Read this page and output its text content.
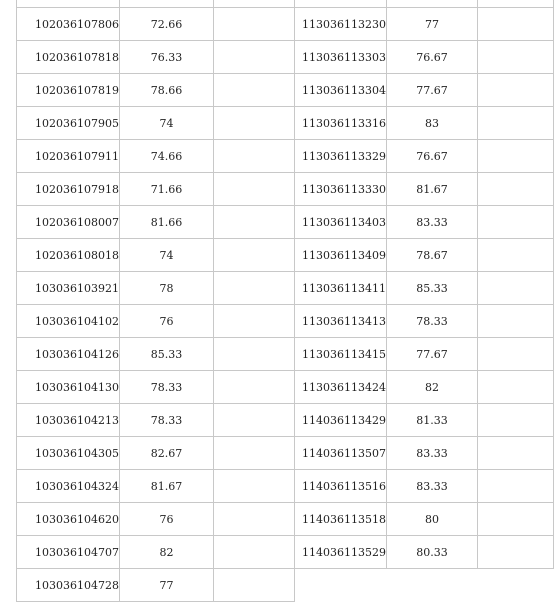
102036107806	72.66	
102036107818	76.33	
102036107819	78.66	
102036107905	74	
102036107911	74.66	
102036107918	71.66	
102036108007	81.66	
102036108018	74	
103036103921	78	
103036104102	76	
103036104126	85.33	
103036104130	78.33	
103036104213	78.33	
103036104305	82.67	
103036104324	81.67	
103036104620	76	
103036104707	82	
103036104728	77	

113036113230	77	
113036113303	76.67	
113036113304	77.67	
113036113316	83	
113036113329	76.67	
113036113330	81.67	
113036113403	83.33	
113036113409	78.67	
113036113411	85.33	
113036113413	78.33	
113036113415	77.67	
113036113424	82	
114036113429	81.33	
114036113507	83.33	
114036113516	83.33	
114036113518	80	
114036113529	80.33	
